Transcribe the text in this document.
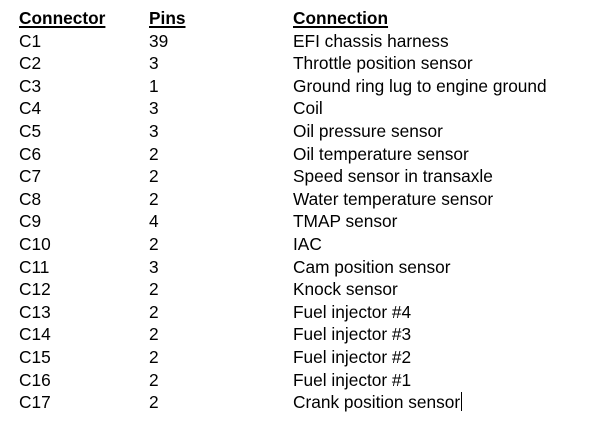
Connector	Pins	Connection
C1	39	EFI chassis harness
C2	3	Throttle position sensor
C3	1	Ground ring lug to engine ground
C4	3	Coil
C5	3	Oil pressure sensor
C6	2	Oil temperature sensor
C7	2	Speed sensor in transaxle
C8	2	Water temperature sensor
C9	4	TMAP sensor
C10	2	IAC
C11	3	Cam position sensor
C12	2	Knock sensor
C13	2	Fuel injector #4
C14	2	Fuel injector #3
C15	2	Fuel injector #2
C16	2	Fuel injector #1
C17	2	Crank position sensor
